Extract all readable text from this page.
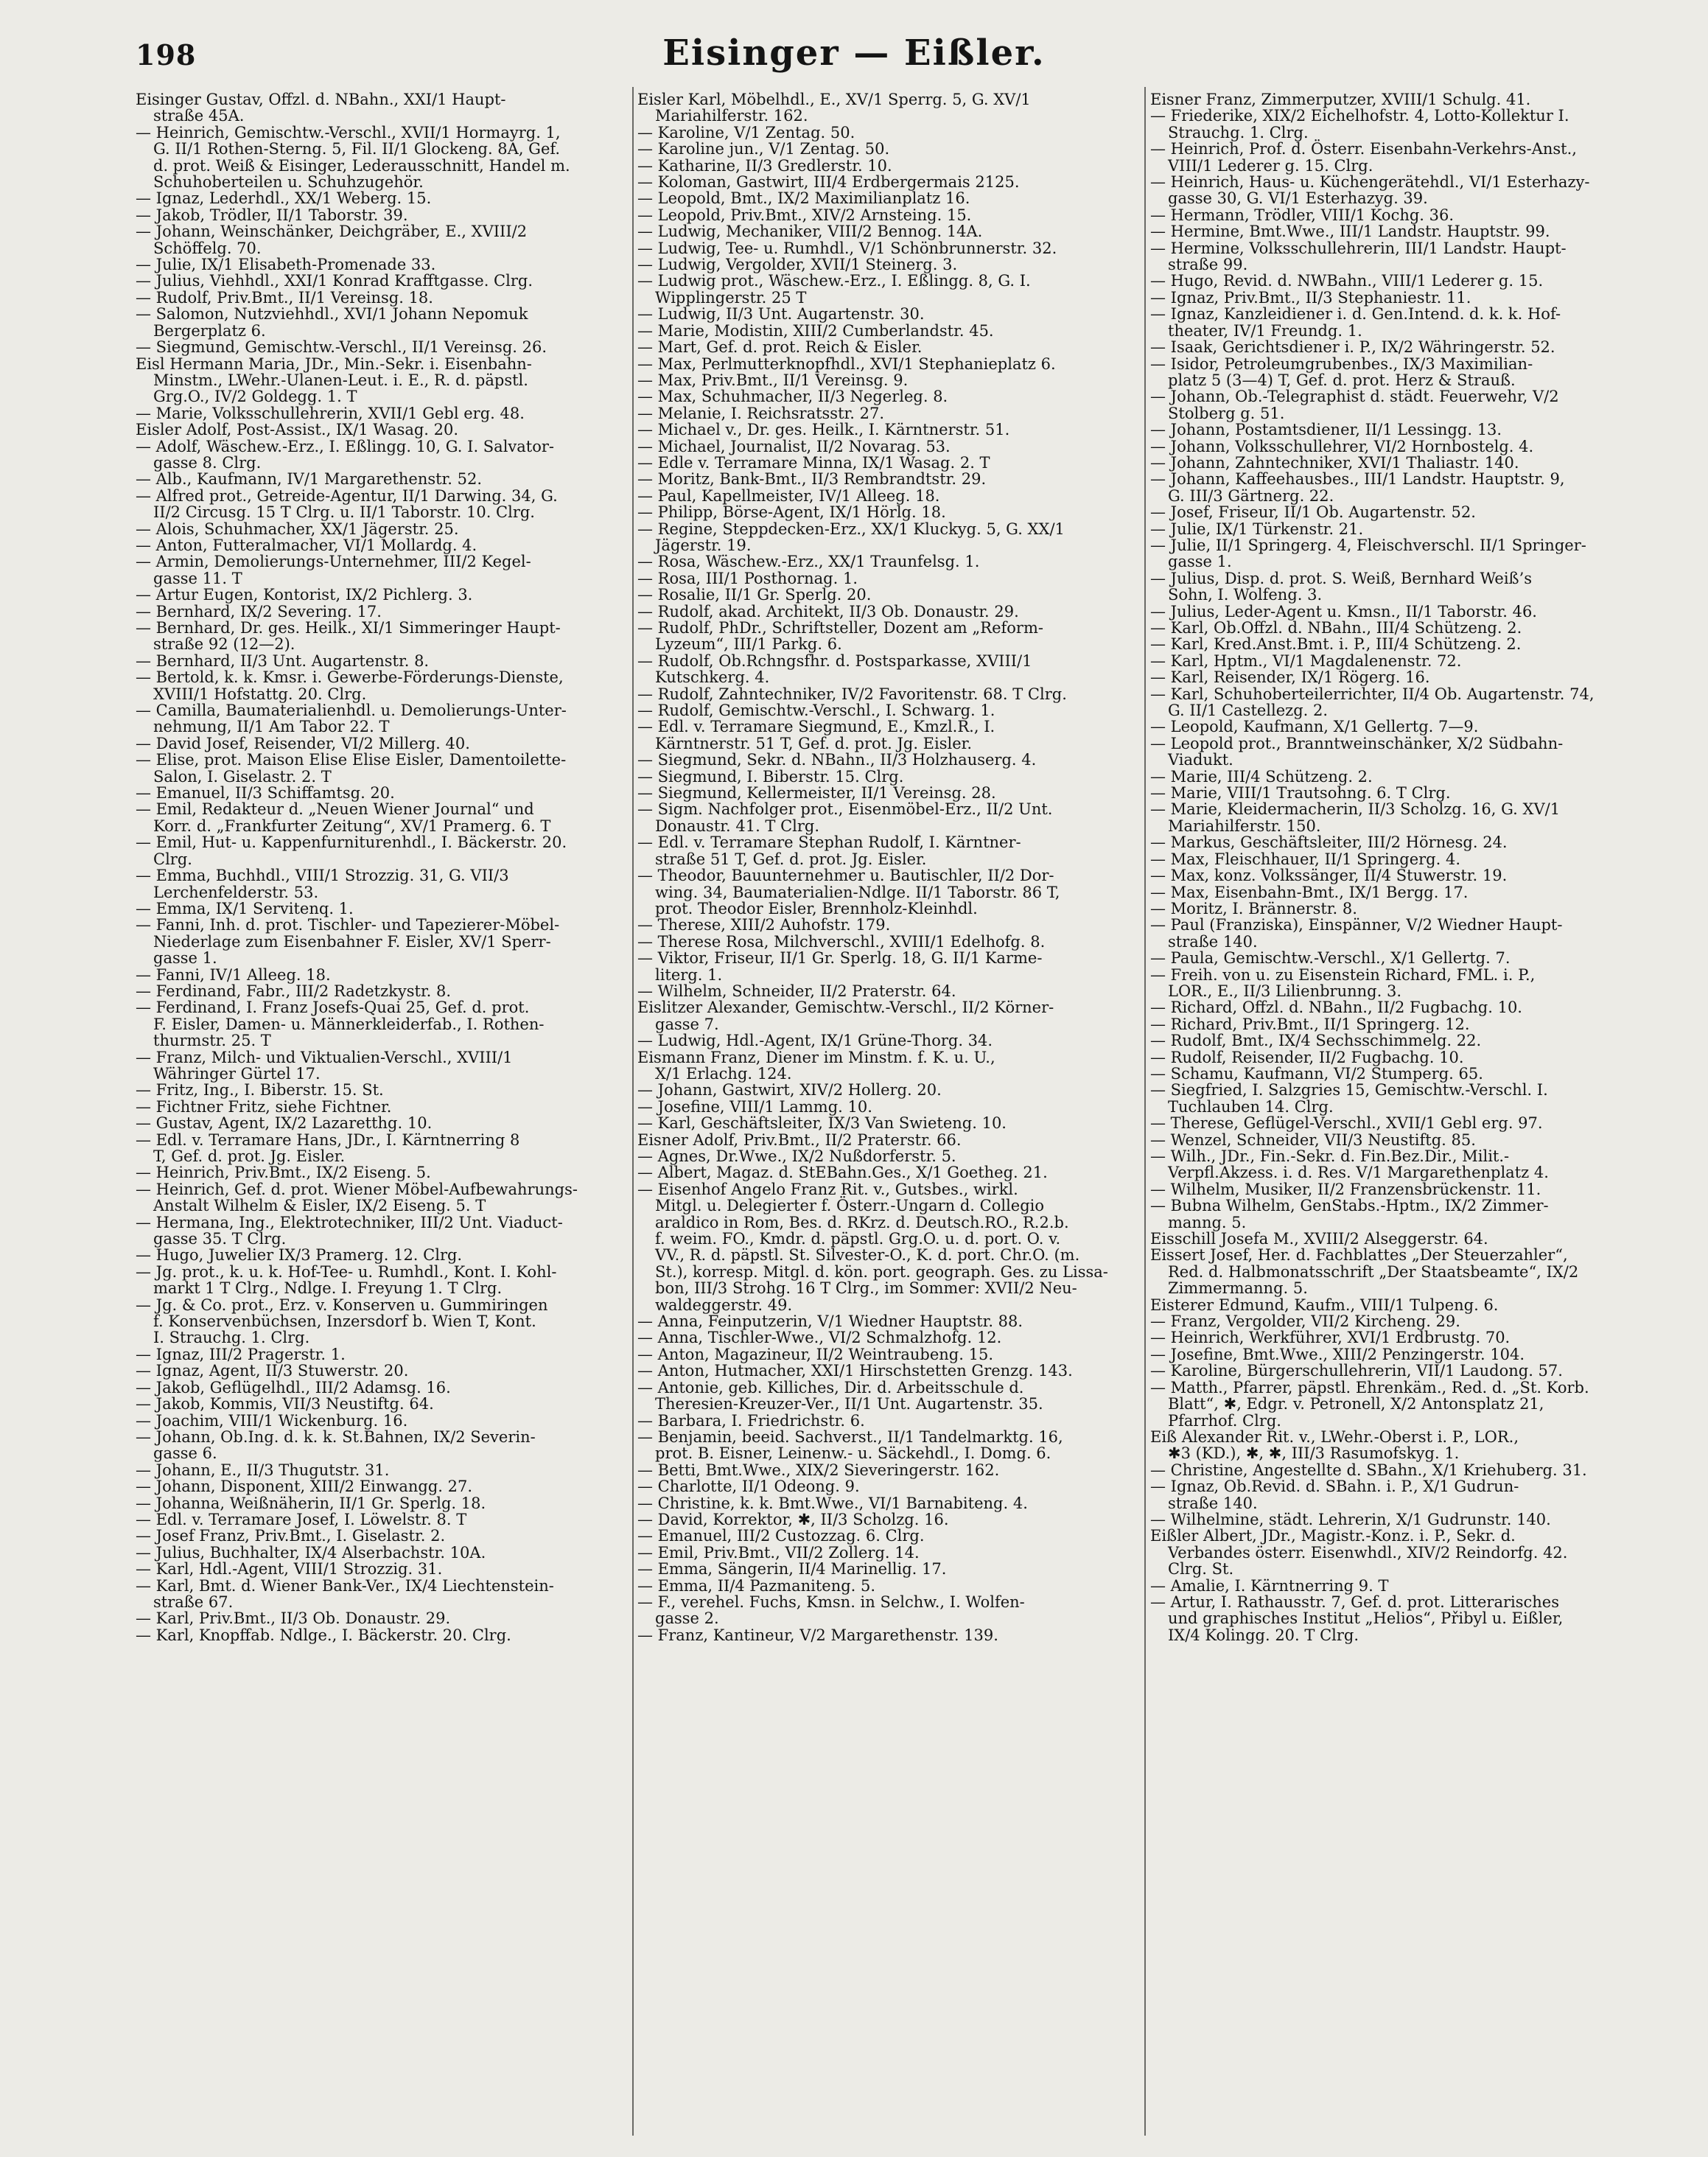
198	Eisinger — Eißler.
Eisinger Gustav, Offzl. d. NBahn., XXI/1 Haupt-
straße 45A.
— Heinrich, Gemischtw.-Verschl., XVII/1 Hormayrg. 1,
G. II/1 Rothen-Sterng. 5, Fil. II/1 Glockeng. 8A, Gef.
d. prot. Weiß & Eisinger, Lederausschnitt, Handel m.
Schuhoberteilen u. Schuhzugehör.
— Ignaz, Lederhdl., XX/1 Weberg. 15.
— Jakob, Trödler, II/1 Taborstr. 39.
— Johann, Weinschänker, Deichgräber, E., XVIII/2
Schöffelg. 70.
— Julie, IX/1 Elisabeth-Promenade 33.
— Julius, Viehhdl., XXI/1 Konrad Krafftgasse. Clrg.
— Rudolf, Priv.Bmt., II/1 Vereinsg. 18.
— Salomon, Nutzviehhdl., XVI/1 Johann Nepomuk
Bergerplatz 6.
— Siegmund, Gemischtw.-Verschl., II/1 Vereinsg. 26.
Eisl Hermann Maria, JDr., Min.-Sekr. i. Eisenbahn-
Minstm., LWehr.-Ulanen-Leut. i. E., R. d. päpstl.
Grg.O., IV/2 Goldegg. 1. T
— Marie, Volksschullehrerin, XVII/1 Gebl erg. 48.
Eisler Adolf, Post-Assist., IX/1 Wasag. 20.
— Adolf, Wäschew.-Erz., I. Eßlingg. 10, G. I. Salvator-
gasse 8. Clrg.
— Alb., Kaufmann, IV/1 Margarethenstr. 52.
— Alfred prot., Getreide-Agentur, II/1 Darwing. 34, G.
II/2 Circusg. 15 T Clrg. u. II/1 Taborstr. 10. Clrg.
— Alois, Schuhmacher, XX/1 Jägerstr. 25.
— Anton, Futteralmacher, VI/1 Mollardg. 4.
— Armin, Demolierungs-Unternehmer, III/2 Kegel-
gasse 11. T
— Artur Eugen, Kontorist, IX/2 Pichlerg. 3.
— Bernhard, IX/2 Severing. 17.
— Bernhard, Dr. ges. Heilk., XI/1 Simmeringer Haupt-
straße 92 (12—2).
— Bernhard, II/3 Unt. Augartenstr. 8.
— Bertold, k. k. Kmsr. i. Gewerbe-Förderungs-Dienste,
XVIII/1 Hofstattg. 20. Clrg.
— Camilla, Baumaterialienhdl. u. Demolierungs-Unter-
nehmung, II/1 Am Tabor 22. T
— David Josef, Reisender, VI/2 Millerg. 40.
— Elise, prot. Maison Elise Elise Eisler, Damentoilette-
Salon, I. Giselastr. 2. T
— Emanuel, II/3 Schiffamtsg. 20.
— Emil, Redakteur d. „Neuen Wiener Journal“ und
Korr. d. „Frankfurter Zeitung“, XV/1 Pramerg. 6. T
— Emil, Hut- u. Kappenfurniturenhdl., I. Bäckerstr. 20.
Clrg.
— Emma, Buchhdl., VIII/1 Strozzig. 31, G. VII/3
Lerchenfelderstr. 53.
— Emma, IX/1 Servitenq. 1.
— Fanni, Inh. d. prot. Tischler- und Tapezierer-Möbel-
Niederlage zum Eisenbahner F. Eisler, XV/1 Sperr-
gasse 1.
— Fanni, IV/1 Alleeg. 18.
— Ferdinand, Fabr., III/2 Radetzkystr. 8.
— Ferdinand, I. Franz Josefs-Quai 25, Gef. d. prot.
F. Eisler, Damen- u. Männerkleiderfab., I. Rothen-
thurmstr. 25. T
— Franz, Milch- und Viktualien-Verschl., XVIII/1
Währinger Gürtel 17.
— Fritz, Ing., I. Biberstr. 15. St.
— Fichtner Fritz, siehe Fichtner.
— Gustav, Agent, IX/2 Lazaretthg. 10.
— Edl. v. Terramare Hans, JDr., I. Kärntnerring 8
T, Gef. d. prot. Jg. Eisler.
— Heinrich, Priv.Bmt., IX/2 Eiseng. 5.
— Heinrich, Gef. d. prot. Wiener Möbel-Aufbewahrungs-
Anstalt Wilhelm & Eisler, IX/2 Eiseng. 5. T
— Hermana, Ing., Elektrotechniker, III/2 Unt. Viaduct-
gasse 35. T Clrg.
— Hugo, Juwelier IX/3 Pramerg. 12. Clrg.
— Jg. prot., k. u. k. Hof-Tee- u. Rumhdl., Kont. I. Kohl-
markt 1 T Clrg., Ndlge. I. Freyung 1. T Clrg.
— Jg. & Co. prot., Erz. v. Konserven u. Gummiringen
f. Konservenbüchsen, Inzersdorf b. Wien T, Kont.
I. Strauchg. 1. Clrg.
— Ignaz, III/2 Pragerstr. 1.
— Ignaz, Agent, II/3 Stuwerstr. 20.
— Jakob, Geflügelhdl., III/2 Adamsg. 16.
— Jakob, Kommis, VII/3 Neustiftg. 64.
— Joachim, VIII/1 Wickenburg. 16.
— Johann, Ob.Ing. d. k. k. St.Bahnen, IX/2 Severin-
gasse 6.
— Johann, E., II/3 Thugutstr. 31.
— Johann, Disponent, XIII/2 Einwangg. 27.
— Johanna, Weißnäherin, II/1 Gr. Sperlg. 18.
— Edl. v. Terramare Josef, I. Löwelstr. 8. T
— Josef Franz, Priv.Bmt., I. Giselastr. 2.
— Julius, Buchhalter, IX/4 Alserbachstr. 10A.
— Karl, Hdl.-Agent, VIII/1 Strozzig. 31.
— Karl, Bmt. d. Wiener Bank-Ver., IX/4 Liechtenstein-
straße 67.
— Karl, Priv.Bmt., II/3 Ob. Donaustr. 29.
— Karl, Knopffab. Ndlge., I. Bäckerstr. 20. Clrg.
Eisler Karl, Möbelhdl., E., XV/1 Sperrg. 5, G. XV/1
Mariahilferstr. 162.
— Karoline, V/1 Zentag. 50.
— Karoline jun., V/1 Zentag. 50.
— Katharine, II/3 Gredlerstr. 10.
— Koloman, Gastwirt, III/4 Erdbergermais 2125.
— Leopold, Bmt., IX/2 Maximilianplatz 16.
— Leopold, Priv.Bmt., XIV/2 Arnsteing. 15.
— Ludwig, Mechaniker, VIII/2 Bennog. 14A.
— Ludwig, Tee- u. Rumhdl., V/1 Schönbrunnerstr. 32.
— Ludwig, Vergolder, XVII/1 Steinerg. 3.
— Ludwig prot., Wäschew.-Erz., I. Eßlingg. 8, G. I.
Wipplingerstr. 25 T
— Ludwig, II/3 Unt. Augartenstr. 30.
— Marie, Modistin, XIII/2 Cumberlandstr. 45.
— Mart, Gef. d. prot. Reich & Eisler.
— Max, Perlmutterknopfhdl., XVI/1 Stephanieplatz 6.
— Max, Priv.Bmt., II/1 Vereinsg. 9.
— Max, Schuhmacher, II/3 Negerleg. 8.
— Melanie, I. Reichsratsstr. 27.
— Michael v., Dr. ges. Heilk., I. Kärntnerstr. 51.
— Michael, Journalist, II/2 Novarag. 53.
— Edle v. Terramare Minna, IX/1 Wasag. 2. T
— Moritz, Bank-Bmt., II/3 Rembrandtstr. 29.
— Paul, Kapellmeister, IV/1 Alleeg. 18.
— Philipp, Börse-Agent, IX/1 Hörlg. 18.
— Regine, Steppdecken-Erz., XX/1 Kluckyg. 5, G. XX/1
Jägerstr. 19.
— Rosa, Wäschew.-Erz., XX/1 Traunfelsg. 1.
— Rosa, III/1 Posthornag. 1.
— Rosalie, II/1 Gr. Sperlg. 20.
— Rudolf, akad. Architekt, II/3 Ob. Donaustr. 29.
— Rudolf, PhDr., Schriftsteller, Dozent am „Reform-
Lyzeum“, III/1 Parkg. 6.
— Rudolf, Ob.Rchngsfhr. d. Postsparkasse, XVIII/1
Kutschkerg. 4.
— Rudolf, Zahntechniker, IV/2 Favoritenstr. 68. T Clrg.
— Rudolf, Gemischtw.-Verschl., I. Schwarg. 1.
— Edl. v. Terramare Siegmund, E., Kmzl.R., I.
Kärntnerstr. 51 T, Gef. d. prot. Jg. Eisler.
— Siegmund, Sekr. d. NBahn., II/3 Holzhauserg. 4.
— Siegmund, I. Biberstr. 15. Clrg.
— Siegmund, Kellermeister, II/1 Vereinsg. 28.
— Sigm. Nachfolger prot., Eisenmöbel-Erz., II/2 Unt.
Donaustr. 41. T Clrg.
— Edl. v. Terramare Stephan Rudolf, I. Kärntner-
straße 51 T, Gef. d. prot. Jg. Eisler.
— Theodor, Bauunternehmer u. Bautischler, II/2 Dor-
wing. 34, Baumaterialien-Ndlge. II/1 Taborstr. 86 T,
prot. Theodor Eisler, Brennholz-Kleinhdl.
— Therese, XIII/2 Auhofstr. 179.
— Therese Rosa, Milchverschl., XVIII/1 Edelhofg. 8.
— Viktor, Friseur, II/1 Gr. Sperlg. 18, G. II/1 Karme-
literg. 1.
— Wilhelm, Schneider, II/2 Praterstr. 64.
Eislitzer Alexander, Gemischtw.-Verschl., II/2 Körner-
gasse 7.
— Ludwig, Hdl.-Agent, IX/1 Grüne-Thorg. 34.
Eismann Franz, Diener im Minstm. f. K. u. U.,
X/1 Erlachg. 124.
— Johann, Gastwirt, XIV/2 Hollerg. 20.
— Josefine, VIII/1 Lammg. 10.
— Karl, Geschäftsleiter, IX/3 Van Swieteng. 10.
Eisner Adolf, Priv.Bmt., II/2 Praterstr. 66.
— Agnes, Dr.Wwe., IX/2 Nußdorferstr. 5.
— Albert, Magaz. d. StEBahn.Ges., X/1 Goetheg. 21.
— Eisenhof Angelo Franz Rit. v., Gutsbes., wirkl.
Mitgl. u. Delegierter f. Österr.-Ungarn d. Collegio
araldico in Rom, Bes. d. RKrz. d. Deutsch.RO., R.2.b.
f. weim. FO., Kmdr. d. päpstl. Grg.O. u. d. port. O. v.
VV., R. d. päpstl. St. Silvester-O., K. d. port. Chr.O. (m.
St.), korresp. Mitgl. d. kön. port. geograph. Ges. zu Lissa-
bon, III/3 Strohg. 16 T Clrg., im Sommer: XVII/2 Neu-
waldeggerstr. 49.
— Anna, Feinputzerin, V/1 Wiedner Hauptstr. 88.
— Anna, Tischler-Wwe., VI/2 Schmalzhofg. 12.
— Anton, Magazineur, II/2 Weintraubeng. 15.
— Anton, Hutmacher, XXI/1 Hirschstetten Grenzg. 143.
— Antonie, geb. Killiches, Dir. d. Arbeitsschule d.
Theresien-Kreuzer-Ver., II/1 Unt. Augartenstr. 35.
— Barbara, I. Friedrichstr. 6.
— Benjamin, beeid. Sachverst., II/1 Tandelmarktg. 16,
prot. B. Eisner, Leinenw.- u. Säckehdl., I. Domg. 6.
— Betti, Bmt.Wwe., XIX/2 Sieveringerstr. 162.
— Charlotte, II/1 Odeong. 9.
— Christine, k. k. Bmt.Wwe., VI/1 Barnabiteng. 4.
— David, Korrektor, ✱, II/3 Scholzg. 16.
— Emanuel, III/2 Custozzag. 6. Clrg.
— Emil, Priv.Bmt., VII/2 Zollerg. 14.
— Emma, Sängerin, II/4 Marinellig. 17.
— Emma, II/4 Pazmaniteng. 5.
— F., verehel. Fuchs, Kmsn. in Selchw., I. Wolfen-
gasse 2.
— Franz, Kantineur, V/2 Margarethenstr. 139.
Eisner Franz, Zimmerputzer, XVIII/1 Schulg. 41.
— Friederike, XIX/2 Eichelhofstr. 4, Lotto-Kollektur I.
Strauchg. 1. Clrg.
— Heinrich, Prof. d. Österr. Eisenbahn-Verkehrs-Anst.,
VIII/1 Lederer g. 15. Clrg.
— Heinrich, Haus- u. Küchengerätehdl., VI/1 Esterhazy-
gasse 30, G. VI/1 Esterhazyg. 39.
— Hermann, Trödler, VIII/1 Kochg. 36.
— Hermine, Bmt.Wwe., III/1 Landstr. Hauptstr. 99.
— Hermine, Volksschullehrerin, III/1 Landstr. Haupt-
straße 99.
— Hugo, Revid. d. NWBahn., VIII/1 Lederer g. 15.
— Ignaz, Priv.Bmt., II/3 Stephaniestr. 11.
— Ignaz, Kanzleidiener i. d. Gen.Intend. d. k. k. Hof-
theater, IV/1 Freundg. 1.
— Isaak, Gerichtsdiener i. P., IX/2 Währingerstr. 52.
— Isidor, Petroleumgrubenbes., IX/3 Maximilian-
platz 5 (3—4) T, Gef. d. prot. Herz & Strauß.
— Johann, Ob.-Telegraphist d. städt. Feuerwehr, V/2
Stolberg g. 51.
— Johann, Postamtsdiener, II/1 Lessingg. 13.
— Johann, Volksschullehrer, VI/2 Hornbostelg. 4.
— Johann, Zahntechniker, XVI/1 Thaliastr. 140.
— Johann, Kaffeehausbes., III/1 Landstr. Hauptstr. 9,
G. III/3 Gärtnerg. 22.
— Josef, Friseur, II/1 Ob. Augartenstr. 52.
— Julie, IX/1 Türkenstr. 21.
— Julie, II/1 Springerg. 4, Fleischverschl. II/1 Springer-
gasse 1.
— Julius, Disp. d. prot. S. Weiß, Bernhard Weiß’s
Sohn, I. Wolfeng. 3.
— Julius, Leder-Agent u. Kmsn., II/1 Taborstr. 46.
— Karl, Ob.Offzl. d. NBahn., III/4 Schützeng. 2.
— Karl, Kred.Anst.Bmt. i. P., III/4 Schützeng. 2.
— Karl, Hptm., VI/1 Magdalenenstr. 72.
— Karl, Reisender, IX/1 Rögerg. 16.
— Karl, Schuhoberteilerrichter, II/4 Ob. Augartenstr. 74,
G. II/1 Castellezg. 2.
— Leopold, Kaufmann, X/1 Gellertg. 7—9.
— Leopold prot., Branntweinschänker, X/2 Südbahn-
Viadukt.
— Marie, III/4 Schützeng. 2.
— Marie, VIII/1 Trautsohng. 6. T Clrg.
— Marie, Kleidermacherin, II/3 Scholzg. 16, G. XV/1
Mariahilferstr. 150.
— Markus, Geschäftsleiter, III/2 Hörnesg. 24.
— Max, Fleischhauer, II/1 Springerg. 4.
— Max, konz. Volkssänger, II/4 Stuwerstr. 19.
— Max, Eisenbahn-Bmt., IX/1 Bergg. 17.
— Moritz, I. Brännerstr. 8.
— Paul (Franziska), Einspänner, V/2 Wiedner Haupt-
straße 140.
— Paula, Gemischtw.-Verschl., X/1 Gellertg. 7.
— Freih. von u. zu Eisenstein Richard, FML. i. P.,
LOR., E., II/3 Lilienbrunng. 3.
— Richard, Offzl. d. NBahn., II/2 Fugbachg. 10.
— Richard, Priv.Bmt., II/1 Springerg. 12.
— Rudolf, Bmt., IX/4 Sechsschimmelg. 22.
— Rudolf, Reisender, II/2 Fugbachg. 10.
— Schamu, Kaufmann, VI/2 Stumperg. 65.
— Siegfried, I. Salzgries 15, Gemischtw.-Verschl. I.
Tuchlauben 14. Clrg.
— Therese, Geflügel-Verschl., XVII/1 Gebl erg. 97.
— Wenzel, Schneider, VII/3 Neustiftg. 85.
— Wilh., JDr., Fin.-Sekr. d. Fin.Bez.Dir., Milit.-
Verpfl.Akzess. i. d. Res. V/1 Margarethenplatz 4.
— Wilhelm, Musiker, II/2 Franzensbrückenstr. 11.
— Bubna Wilhelm, GenStabs.-Hptm., IX/2 Zimmer-
manng. 5.
Eisschill Josefa M., XVIII/2 Alseggerstr. 64.
Eissert Josef, Her. d. Fachblattes „Der Steuerzahler“,
Red. d. Halbmonatsschrift „Der Staatsbeamte“, IX/2
Zimmermanng. 5.
Eisterer Edmund, Kaufm., VIII/1 Tulpeng. 6.
— Franz, Vergolder, VII/2 Kircheng. 29.
— Heinrich, Werkführer, XVI/1 Erdbrustg. 70.
— Josefine, Bmt.Wwe., XIII/2 Penzingerstr. 104.
— Karoline, Bürgerschullehrerin, VII/1 Laudong. 57.
— Matth., Pfarrer, päpstl. Ehrenkäm., Red. d. „St. Korb.
Blatt“, ✱, Edgr. v. Petronell, X/2 Antonsplatz 21,
Pfarrhof. Clrg.
Eiß Alexander Rit. v., LWehr.-Oberst i. P., LOR.,
✱3 (KD.), ✱, ✱, III/3 Rasumofskyg. 1.
— Christine, Angestellte d. SBahn., X/1 Kriehuberg. 31.
— Ignaz, Ob.Revid. d. SBahn. i. P., X/1 Gudrun-
straße 140.
— Wilhelmine, städt. Lehrerin, X/1 Gudrunstr. 140.
Eißler Albert, JDr., Magistr.-Konz. i. P., Sekr. d.
Verbandes österr. Eisenwhdl., XIV/2 Reindorfg. 42.
Clrg. St.
— Amalie, I. Kärntnerring 9. T
— Artur, I. Rathausstr. 7, Gef. d. prot. Litterarisches
und graphisches Institut „Helios“, Přibyl u. Eißler,
IX/4 Kolingg. 20. T Clrg.
